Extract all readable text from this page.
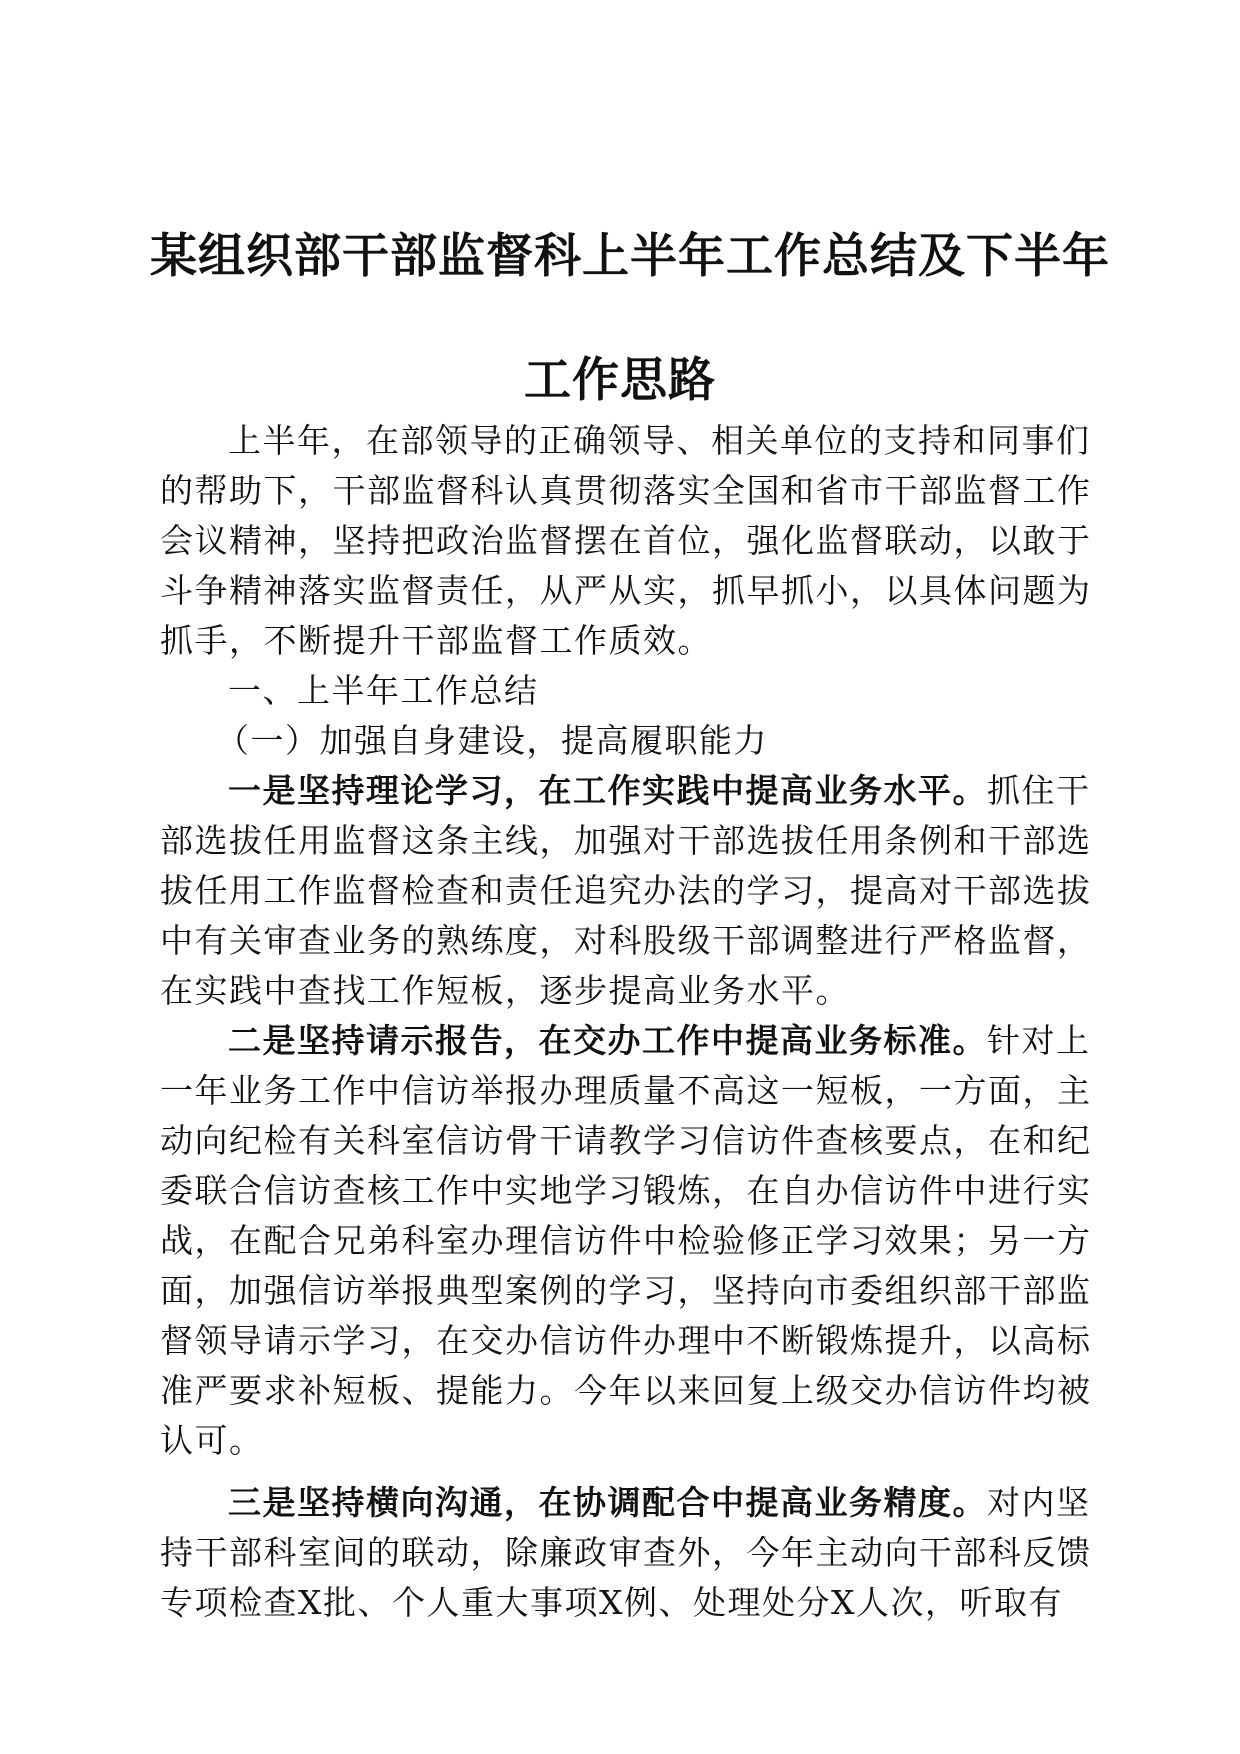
某组织部干部监督科上半年工作总结及下半年
工作思路
上半年，在部领导的正确领导、相关单位的支持和同事们
的帮助下，干部监督科认真贯彻落实全国和省市干部监督工作
会议精神，坚持把政治监督摆在首位，强化监督联动，以敢于
斗争精神落实监督责任，从严从实，抓早抓小，以具体问题为
抓手，不断提升干部监督工作质效。
一、上半年工作总结
（一）加强自身建设，提高履职能力
一是坚持理论学习，在工作实践中提高业务水平。抓住干
部选拔任用监督这条主线，加强对干部选拔任用条例和干部选
拔任用工作监督检查和责任追究办法的学习，提高对干部选拔
中有关审查业务的熟练度，对科股级干部调整进行严格监督，
在实践中查找工作短板，逐步提高业务水平。
二是坚持请示报告，在交办工作中提高业务标准。针对上
一年业务工作中信访举报办理质量不高这一短板，一方面，主
动向纪检有关科室信访骨干请教学习信访件查核要点，在和纪
委联合信访查核工作中实地学习锻炼，在自办信访件中进行实
战，在配合兄弟科室办理信访件中检验修正学习效果；另一方
面，加强信访举报典型案例的学习，坚持向市委组织部干部监
督领导请示学习，在交办信访件办理中不断锻炼提升，以高标
准严要求补短板、提能力。今年以来回复上级交办信访件均被
认可。
三是坚持横向沟通，在协调配合中提高业务精度。对内坚
持干部科室间的联动，除廉政审查外，今年主动向干部科反馈
专项检查X批、个人重大事项X例、处理处分X人次，听取有
